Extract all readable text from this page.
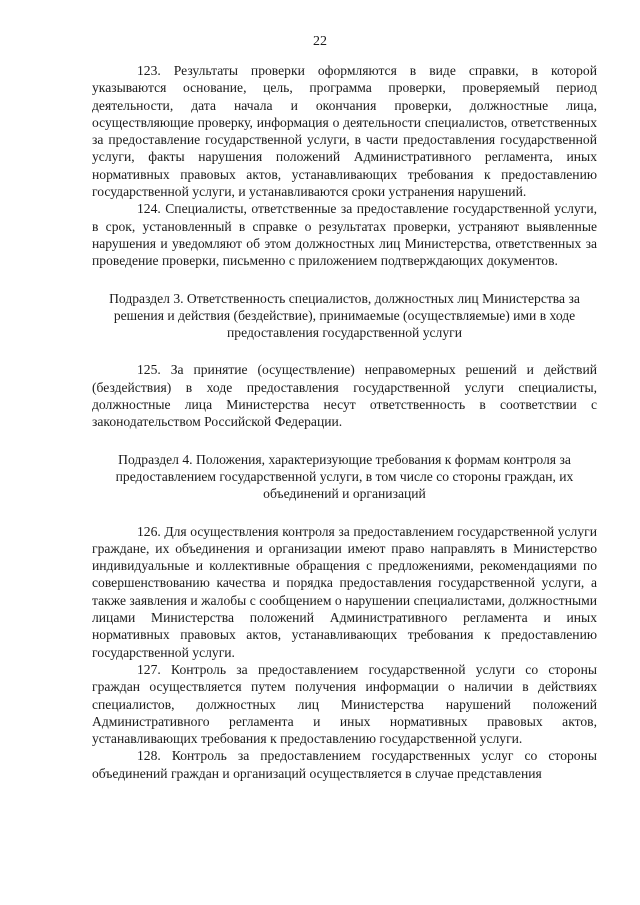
22

123. Результаты проверки оформляются в виде справки, в которой указываются основание, цель, программа проверки, проверяемый период деятельности, дата начала и окончания проверки, должностные лица, осуществляющие проверку, информация о деятельности специалистов, ответственных за предоставление государственной услуги, в части предоставления государственной услуги, факты нарушения положений Административного регламента, иных нормативных правовых актов, устанавливающих требования к предоставлению государственной услуги, и устанавливаются сроки устранения нарушений.

124. Специалисты, ответственные за предоставление государственной услуги, в срок, установленный в справке о результатах проверки, устраняют выявленные нарушения и уведомляют об этом должностных лиц Министерства, ответственных за проведение проверки, письменно с приложением подтверждающих документов.

Подраздел 3. Ответственность специалистов, должностных лиц Министерства за решения и действия (бездействие), принимаемые (осуществляемые) ими в ходе предоставления государственной услуги

125. За принятие (осуществление) неправомерных решений и действий (бездействия) в ходе предоставления государственной услуги специалисты, должностные лица Министерства несут ответственность в соответствии с законодательством Российской Федерации.

Подраздел 4. Положения, характеризующие требования к формам контроля за предоставлением государственной услуги, в том числе со стороны граждан, их объединений и организаций

126. Для осуществления контроля за предоставлением государственной услуги граждане, их объединения и организации имеют право направлять в Министерство индивидуальные и коллективные обращения с предложениями, рекомендациями по совершенствованию качества и порядка предоставления государственной услуги, а также заявления и жалобы с сообщением о нарушении специалистами, должностными лицами Министерства положений Административного регламента и иных нормативных правовых актов, устанавливающих требования к предоставлению государственной услуги.

127. Контроль за предоставлением государственной услуги со стороны граждан осуществляется путем получения информации о наличии в действиях специалистов, должностных лиц Министерства нарушений положений Административного регламента и иных нормативных правовых актов, устанавливающих требования к предоставлению государственной услуги.

128. Контроль за предоставлением государственных услуг со стороны объединений граждан и организаций осуществляется в случае представления
